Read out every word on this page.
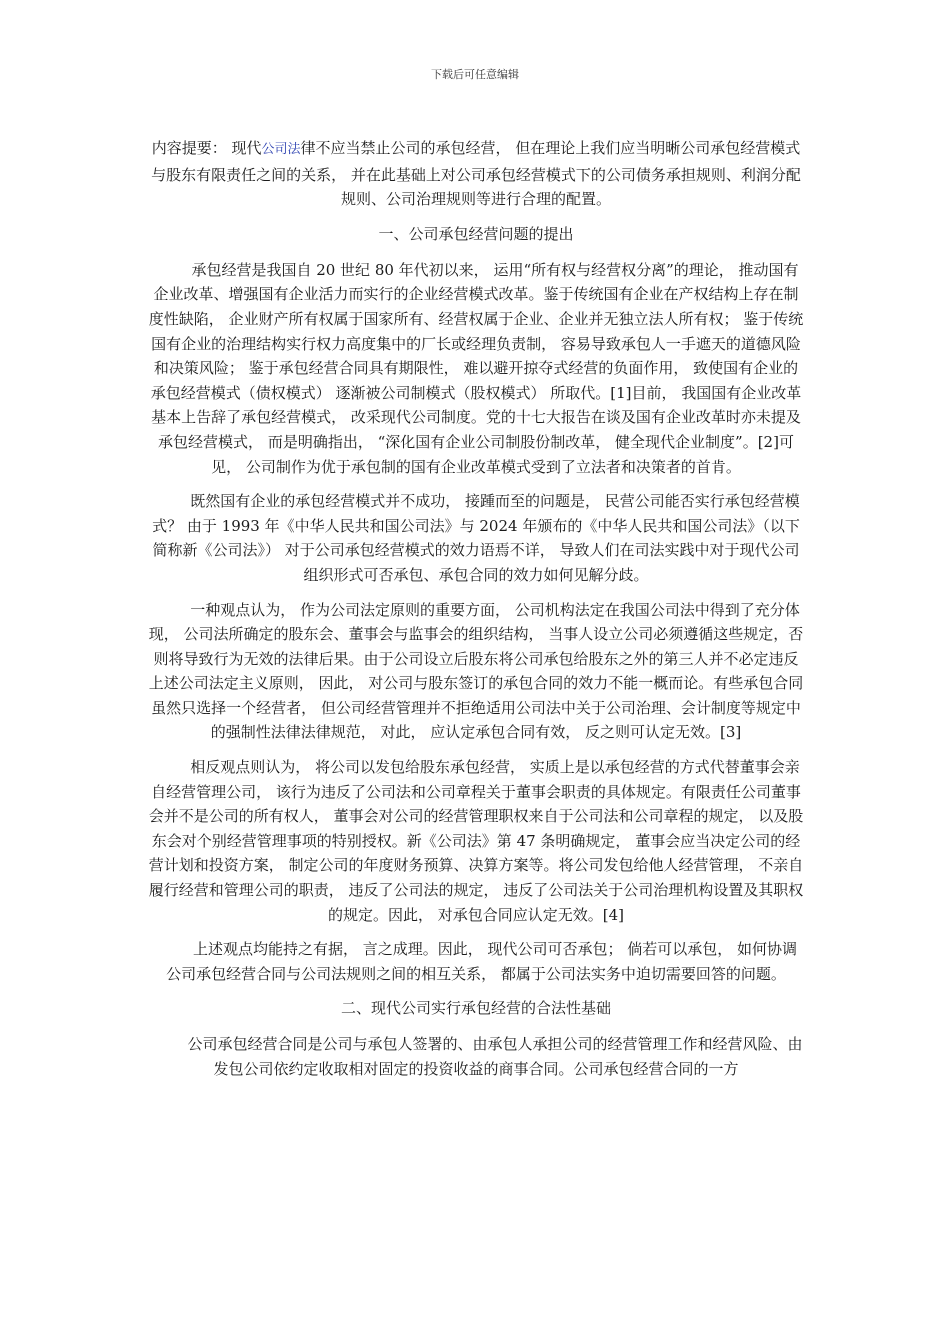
下载后可任意编辑

内容提要： 现代公司法律不应当禁止公司的承包经营， 但在理论上我们应当明晰公司承包经营模式与股东有限责任之间的关系， 并在此基础上对公司承包经营模式下的公司债务承担规则、利润分配规则、公司治理规则等进行合理的配置。

一、公司承包经营问题的提出

承包经营是我国自 20 世纪 80 年代初以来， 运用“所有权与经营权分离”的理论， 推动国有企业改革、增强国有企业活力而实行的企业经营模式改革。鉴于传统国有企业在产权结构上存在制度性缺陷， 企业财产所有权属于国家所有、经营权属于企业、企业并无独立法人所有权； 鉴于传统国有企业的治理结构实行权力高度集中的厂长或经理负责制， 容易导致承包人一手遮天的道德风险和决策风险； 鉴于承包经营合同具有期限性， 难以避开掠夺式经营的负面作用， 致使国有企业的承包经营模式（债权模式） 逐渐被公司制模式（股权模式） 所取代。[1]目前， 我国国有企业改革基本上告辞了承包经营模式， 改采现代公司制度。党的十七大报告在谈及国有企业改革时亦未提及承包经营模式， 而是明确指出， “深化国有企业公司制股份制改革， 健全现代企业制度”。[2]可见， 公司制作为优于承包制的国有企业改革模式受到了立法者和决策者的首肯。

既然国有企业的承包经营模式并不成功， 接踵而至的问题是， 民营公司能否实行承包经营模式？ 由于 1993 年《中华人民共和国公司法》与 2024 年颁布的《中华人民共和国公司法》（以下简称新《公司法》） 对于公司承包经营模式的效力语焉不详， 导致人们在司法实践中对于现代公司组织形式可否承包、承包合同的效力如何见解分歧。

一种观点认为， 作为公司法定原则的重要方面， 公司机构法定在我国公司法中得到了充分体现， 公司法所确定的股东会、董事会与监事会的组织结构， 当事人设立公司必须遵循这些规定，否则将导致行为无效的法律后果。由于公司设立后股东将公司承包给股东之外的第三人并不必定违反上述公司法定主义原则， 因此， 对公司与股东签订的承包合同的效力不能一概而论。有些承包合同虽然只选择一个经营者， 但公司经营管理并不拒绝适用公司法中关于公司治理、会计制度等规定中的强制性法律法律规范， 对此， 应认定承包合同有效， 反之则可认定无效。[3]

相反观点则认为， 将公司以发包给股东承包经营， 实质上是以承包经营的方式代替董事会亲自经营管理公司， 该行为违反了公司法和公司章程关于董事会职责的具体规定。有限责任公司董事会并不是公司的所有权人， 董事会对公司的经营管理职权来自于公司法和公司章程的规定， 以及股东会对个别经营管理事项的特别授权。新《公司法》第 47 条明确规定， 董事会应当决定公司的经营计划和投资方案， 制定公司的年度财务预算、决算方案等。将公司发包给他人经营管理， 不亲自履行经营和管理公司的职责， 违反了公司法的规定， 违反了公司法关于公司治理机构设置及其职权的规定。因此， 对承包合同应认定无效。[4]

上述观点均能持之有据， 言之成理。因此， 现代公司可否承包； 倘若可以承包， 如何协调公司承包经营合同与公司法规则之间的相互关系， 都属于公司法实务中迫切需要回答的问题。

二、现代公司实行承包经营的合法性基础

公司承包经营合同是公司与承包人签署的、由承包人承担公司的经营管理工作和经营风险、由发包公司依约定收取相对固定的投资收益的商事合同。公司承包经营合同的一方
